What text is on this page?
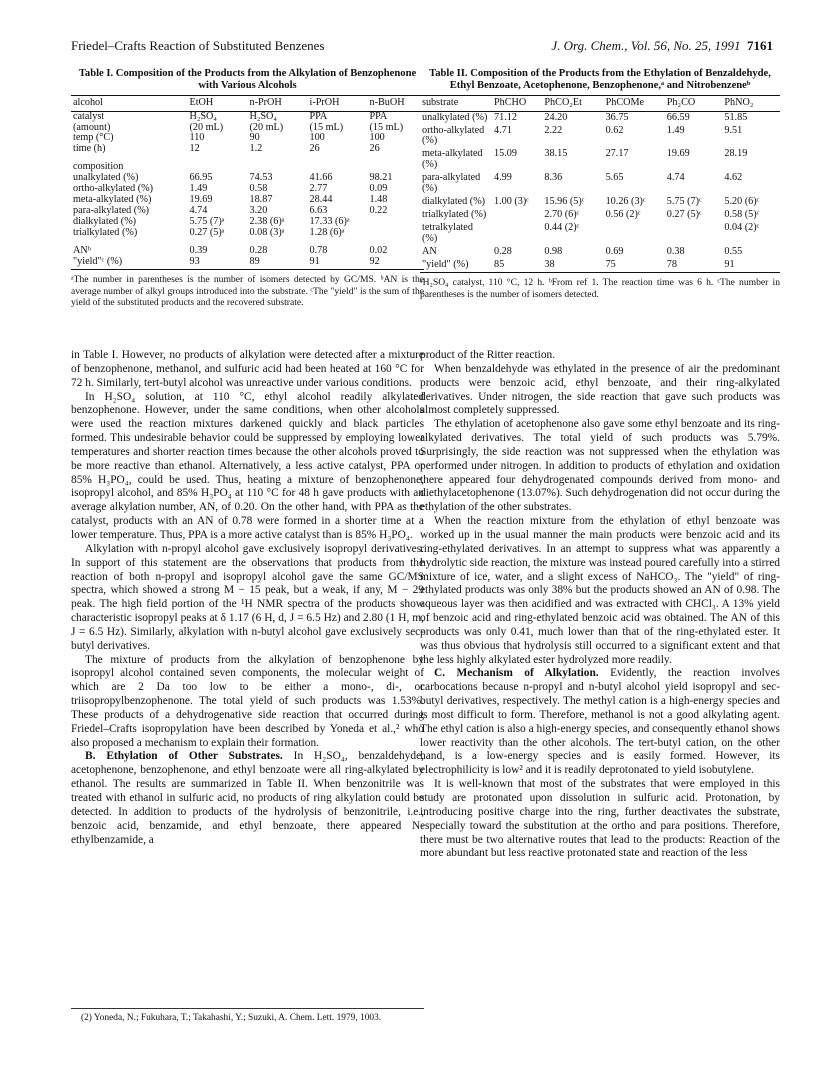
Friedel–Crafts Reaction of Substituted Benzenes	J. Org. Chem., Vol. 56, No. 25, 1991 7161
Table I. Composition of the Products from the Alkylation of Benzophenone with Various Alcohols
alcohol	EtOH	n-PrOH	i-PrOH	n-BuOH
catalyst	H₂SO₄	H₂SO₄	PPA	PPA
(amount)	(20 mL)	(20 mL)	(15 mL)	(15 mL)
temp (°C)	110	90	100	100
time (h)	12	1.2	26	26

composition				
unalkylated (%)	66.95	74.53	41.66	98.21
ortho-alkylated (%)	1.49	0.58	2.77	0.09
meta-alkylated (%)	19.69	18.87	28.44	1.48
para-alkylated (%)	4.74	3.20	6.63	0.22
dialkylated (%)	5.75 (7)ᵃ	2.38 (6)ᵃ	17.33 (6)ᵃ	
trialkylated (%)	0.27 (5)ᵃ	0.08 (3)ᵃ	1.28 (6)ᵃ	

ANᵇ	0.39	0.28	0.78	0.02
"yield"ᶜ (%)	93	89	91	92
ᵃThe number in parentheses is the number of isomers detected by GC/MS. ᵇAN is the average number of alkyl groups introduced into the substrate. ᶜThe "yield" is the sum of the yield of the substituted products and the recovered substrate.

in Table I. However, no products of alkylation were detected after a mixture of benzophenone, methanol, and sulfuric acid had been heated at 160 °C for 72 h. Similarly, tert-butyl alcohol was unreactive under various conditions.

In H₂SO₄ solution, at 110 °C, ethyl alcohol readily alkylated benzophenone. However, under the same conditions, when other alcohols were used the reaction mixtures darkened quickly and black particles formed. This undesirable behavior could be suppressed by employing lower temperatures and shorter reaction times because the other alcohols proved to be more reactive than ethanol. Alternatively, a less active catalyst, PPA or 85% H₃PO₄, could be used. Thus, heating a mixture of benzophenone, isopropyl alcohol, and 85% H₃PO₄ at 110 °C for 48 h gave products with an average alkylation number, AN, of 0.20. On the other hand, with PPA as the catalyst, products with an AN of 0.78 were formed in a shorter time at a lower temperature. Thus, PPA is a more active catalyst than is 85% H₃PO₄.

Alkylation with n-propyl alcohol gave exclusively isopropyl derivatives. In support of this statement are the observations that products from the reaction of both n-propyl and isopropyl alcohol gave the same GC/MS spectra, which showed a strong M − 15 peak, but a weak, if any, M − 29 peak. The high field portion of the ¹H NMR spectra of the products show characteristic isopropyl peaks at δ 1.17 (6 H, d, J = 6.5 Hz) and 2.80 (1 H, m, J = 6.5 Hz). Similarly, alkylation with n-butyl alcohol gave exclusively sec-butyl derivatives.

The mixture of products from the alkylation of benzophenone by isopropyl alcohol contained seven components, the molecular weight of which are 2 Da too low to be either a mono-, di-, or triisopropylbenzophenone. The total yield of such products was 1.53%. These products of a dehydrogenative side reaction that occurred during Friedel–Crafts isopropylation have been described by Yoneda et al.,² who also proposed a mechanism to explain their formation.

B. Ethylation of Other Substrates. In H₂SO₄, benzaldehyde, acetophenone, benzophenone, and ethyl benzoate were all ring-alkylated by ethanol. The results are summarized in Table II. When benzonitrile was treated with ethanol in sulfuric acid, no products of ring alkylation could be detected. In addition to products of the hydrolysis of benzonitrile, i.e., benzoic acid, benzamide, and ethyl benzoate, there appeared N-ethylbenzamide, a

(2) Yoneda, N.; Fukuhara, T.; Takahashi, Y.; Suzuki, A. Chem. Lett. 1979, 1003.
Table II. Composition of the Products from the Ethylation of Benzaldehyde, Ethyl Benzoate, Acetophenone, Benzophenone,ᵃ and Nitrobenzeneᵇ
substrate	PhCHO	PhCO₂Et	PhCOMe	Ph₂CO	PhNO₂
unalkylated (%)	71.12	24.20	36.75	66.59	51.85
ortho-alkylated (%)	4.71	2.22	0.62	1.49	9.51
meta-alkylated (%)	15.09	38.15	27.17	19.69	28.19
para-alkylated (%)	4.99	8.36	5.65	4.74	4.62
dialkylated (%)	1.00 (3)ᶜ	15.96 (5)ᶜ	10.26 (3)ᶜ	5.75 (7)ᶜ	5.20 (6)ᶜ
trialkylated (%)		2.70 (6)ᶜ	0.56 (2)ᶜ	0.27 (5)ᶜ	0.58 (5)ᶜ
tetralkylated (%)		0.44 (2)ᶜ			0.04 (2)ᶜ
AN	0.28	0.98	0.69	0.38	0.55
"yield" (%)	85	38	75	78	91
ᵃH₂SO₄ catalyst, 110 °C, 12 h. ᵇFrom ref 1. The reaction time was 6 h. ᶜThe number in parentheses is the number of isomers detected.

product of the Ritter reaction.

When benzaldehyde was ethylated in the presence of air the predominant products were benzoic acid, ethyl benzoate, and their ring-alkylated derivatives. Under nitrogen, the side reaction that gave such products was almost completely suppressed.

The ethylation of acetophenone also gave some ethyl benzoate and its ring-alkylated derivatives. The total yield of such products was 5.79%. Surprisingly, the side reaction was not suppressed when the ethylation was performed under nitrogen. In addition to products of ethylation and oxidation there appeared four dehydrogenated compounds derived from mono- and diethylacetophenone (13.07%). Such dehydrogenation did not occur during the ethylation of the other substrates.

When the reaction mixture from the ethylation of ethyl benzoate was worked up in the usual manner the main products were benzoic acid and its ring-ethylated derivatives. In an attempt to suppress what was apparently a hydrolytic side reaction, the mixture was instead poured carefully into a stirred mixture of ice, water, and a slight excess of NaHCO₃. The "yield" of ring-ethylated products was only 38% but the products showed an AN of 0.98. The aqueous layer was then acidified and was extracted with CHCl₃. A 13% yield of benzoic acid and ring-ethylated benzoic acid was obtained. The AN of this products was only 0.41, much lower than that of the ring-ethylated ester. It was thus obvious that hydrolysis still occurred to a significant extent and that the less highly alkylated ester hydrolyzed more readily.

C. Mechanism of Alkylation. Evidently, the reaction involves carbocations because n-propyl and n-butyl alcohol yield isopropyl and sec-butyl derivatives, respectively. The methyl cation is a high-energy species and is most difficult to form. Therefore, methanol is not a good alkylating agent. The ethyl cation is also a high-energy species, and consequently ethanol shows lower reactivity than the other alcohols. The tert-butyl cation, on the other hand, is a low-energy species and is easily formed. However, its electrophilicity is low² and it is readily deprotonated to yield isobutylene.

It is well-known that most of the substrates that were employed in this study are protonated upon dissolution in sulfuric acid. Protonation, by introducing positive charge into the ring, further deactivates the substrate, especially toward the substitution at the ortho and para positions. Therefore, there must be two alternative routes that lead to the products: Reaction of the more abundant but less reactive protonated state and reaction of the less
